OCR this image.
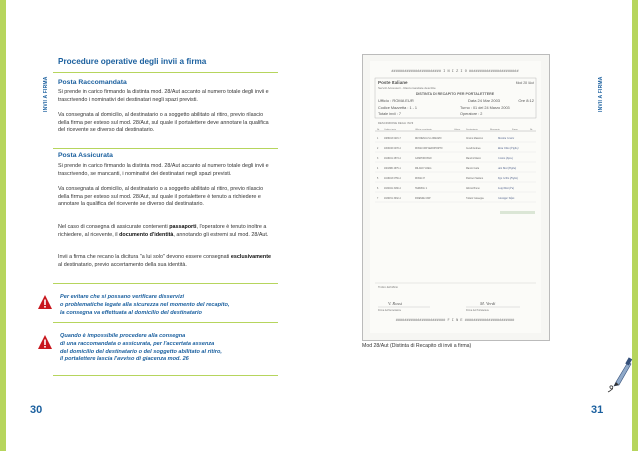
INVII A FIRMA
Procedure operative degli invii a firma
Posta Raccomandata
Si prende in carico firmando la distinta mod. 28/Aut accanto al numero totale degli invii e trascrivendo i nominativi dei destinatari negli spazi previsti.
Va consegnata al domicilio, al destinatario o a soggetto abilitato al ritiro, previo rilascio della firma per esteso sul mod. 28/Aut, sul quale il portalettere deve annotare la qualifica del ricevente se diverso dal destinatario.
Posta Assicurata
Si prende in carico firmando la distinta mod. 28/Aut accanto al numero totale degli invii e trascrivendo, se mancanti, i nominativi dei destinatari negli spazi previsti.
Va consegnata al domicilio, al destinatario o a soggetto abilitato al ritiro, previo rilascio della firma per esteso sul mod. 28/Aut, sul quale il portalettere è tenuto a richiedere e annotare la qualifica del ricevente se diverso dal destinatario.
Nel caso di consegna di assicurate contenenti passaporti, l'operatore è tenuto inoltre a richiedere, al ricevente, il documento d'identità, annotando gli estremi sul mod. 28/Aut.
Invii a firma che recano la dicitura "a lui solo" devono essere consegnati esclusivamente al destinatario, previo accertamento della sua identità.
Per evitare che si possano verificare disservizi
o problematiche legate alla sicurezza nel momento del recapito,
la consegna va effettuata al domicilio del destinatario
Quando è impossibile procedere alla consegna
di una raccomandata o assicurata, per l'accertata assenza
del domicilio del destinatario o del soggetto abilitato al ritiro,
il portalettere lascia l'avviso di giacenza mod. 26
30
INVII A FIRMA
####################### I N I Z I O #######################
Poste Italiane
Servizi Accessori - Raccomandate descritte
Mod 28 /Aut
DISTINTA DI RECAPITO PER PORTALETTERE
Ufficio : ROMA EUR	Data 24 Mar 2003	Ore 8:12
Codice Mazzetta : 1 - 1	Turno : 01 del 24 Marzo 2003
Totale invii : 7	Operatore : 2
DESCRIZIONE DEGLI INVII
Nr Codice invio	Ufficio accettante	Valore	Destinatario	Ricevente	Firma	Nr.
1	1986163 0215-7	RM RIESCA S.LORENZO	Cimino Massimo	Bussina Cesare
2	1063166 0478-4	ROMA CMP AEROPORTO	Cerelli Andrea	Rosa Olmo (Figlio)
3	1946161 2573-4	CAMPOROSSO	Mancini Marco	Cosmo (Spos.)
4	1901880 4675-1	MILANO V.REG	Manzo Carla	Ann Bosi (Figlia)
5	1046163 0756-4	ROMA 47	Patrineri Stefano	Ego Grillo (Figlio)
6	1934041 3180-4	TERMOLI 1	Alfonsi Bruno	Luigi Bosi (Fa)
7	1930151 3032-4	FIRENZE CMP	Tufaniz Giuseppe	Giuseppe Tufan
Timbro dell'ufficio
V. Rossi	M. Verdi
Firma dell'Accettatore	Firma del Portalettere
####################### F I N E #######################
Mod 28/Aut (Distinta di Recapito di invii a firma)
31
